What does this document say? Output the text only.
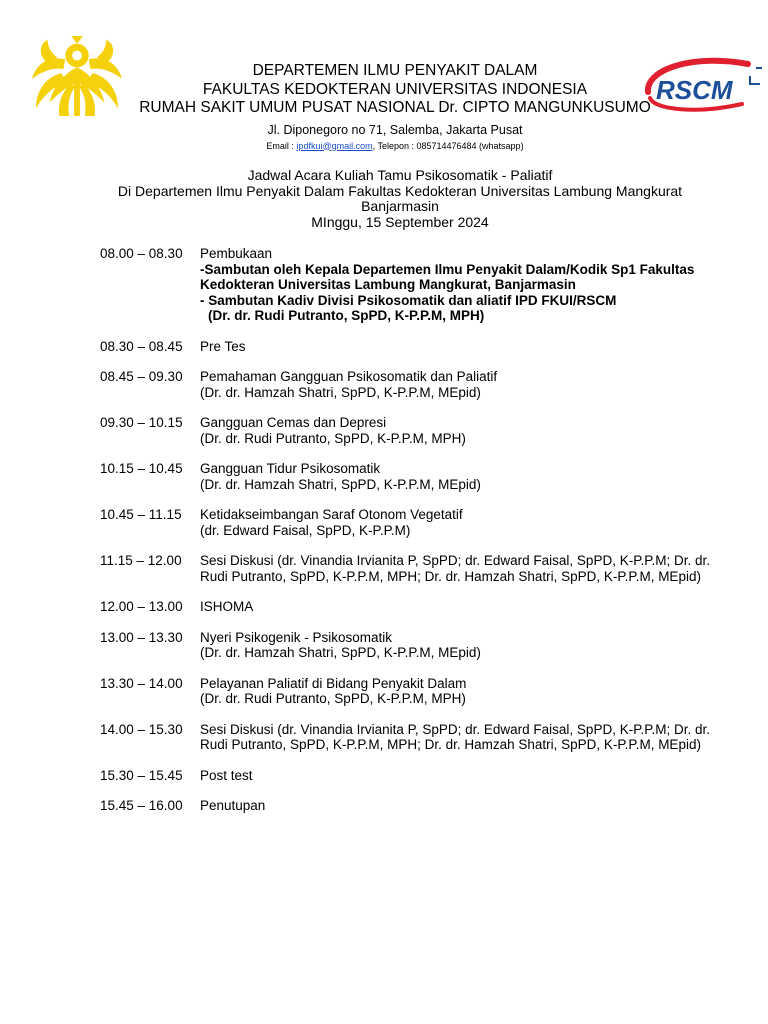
RSCM
DEPARTEMEN ILMU PENYAKIT DALAM
FAKULTAS KEDOKTERAN UNIVERSITAS INDONESIA
RUMAH SAKIT UMUM PUSAT NASIONAL Dr. CIPTO MANGUNKUSUMO
Jl. Diponegoro no 71, Salemba, Jakarta Pusat
Email : ipdfkui@gmail.com, Telepon : 085714476484 (whatsapp)
Jadwal Acara Kuliah Tamu Psikosomatik - Paliatif
Di Departemen Ilmu Penyakit Dalam Fakultas Kedokteran Universitas Lambung Mangkurat
Banjarmasin
MInggu, 15 September 2024
08.00 – 08.30	Pembukaan
-Sambutan oleh Kepala Departemen Ilmu Penyakit Dalam/Kodik Sp1 Fakultas Kedokteran Universitas Lambung Mangkurat, Banjarmasin
- Sambutan Kadiv Divisi Psikosomatik dan aliatif IPD FKUI/RSCM
(Dr. dr. Rudi Putranto, SpPD, K-P.P.M, MPH)
08.30 – 08.45	Pre Tes
08.45 – 09.30	Pemahaman Gangguan Psikosomatik dan Paliatif
(Dr. dr. Hamzah Shatri, SpPD, K-P.P.M, MEpid)
09.30 – 10.15	Gangguan Cemas dan Depresi
(Dr. dr. Rudi Putranto, SpPD, K-P.P.M, MPH)
10.15 – 10.45	Gangguan Tidur Psikosomatik
(Dr. dr. Hamzah Shatri, SpPD, K-P.P.M, MEpid)
10.45 – 11.15	Ketidakseimbangan Saraf Otonom Vegetatif
(dr. Edward Faisal, SpPD, K-P.P.M)
11.15 – 12.00	Sesi Diskusi (dr. Vinandia Irvianita P, SpPD; dr. Edward Faisal, SpPD, K-P.P.M; Dr. dr. Rudi Putranto, SpPD, K-P.P.M, MPH; Dr. dr. Hamzah Shatri, SpPD, K-P.P.M, MEpid)
12.00 – 13.00	ISHOMA
13.00 – 13.30	Nyeri Psikogenik - Psikosomatik
(Dr. dr. Hamzah Shatri, SpPD, K-P.P.M, MEpid)
13.30 – 14.00	Pelayanan Paliatif di Bidang Penyakit Dalam
(Dr. dr. Rudi Putranto, SpPD, K-P.P.M, MPH)
14.00 – 15.30	Sesi Diskusi (dr. Vinandia Irvianita P, SpPD; dr. Edward Faisal, SpPD, K-P.P.M; Dr. dr. Rudi Putranto, SpPD, K-P.P.M, MPH; Dr. dr. Hamzah Shatri, SpPD, K-P.P.M, MEpid)
15.30 – 15.45	Post test
15.45 – 16.00	Penutupan
